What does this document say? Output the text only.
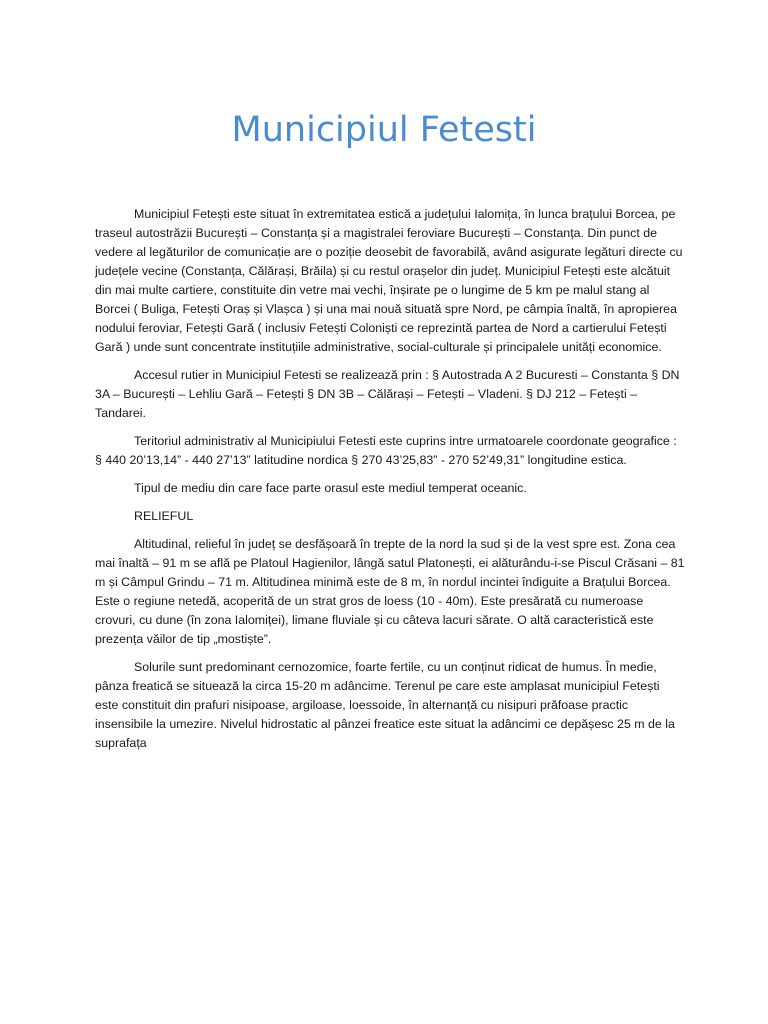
Municipiul Fetesti

Municipiul Fetești este situat în extremitatea estică a județului Ialomița, în lunca brațului Borcea, pe traseul autostrăzii București – Constanța și a magistralei feroviare București – Constanța. Din punct de vedere al legăturilor de comunicație are o poziție deosebit de favorabilă, având asigurate legături directe cu județele vecine (Constanța, Călărași, Brăila) și cu restul orașelor din județ. Municipiul Fetești este alcătuit din mai multe cartiere, constituite din vetre mai vechi, înșirate pe o lungime de 5 km pe malul stang al Borcei ( Buliga, Fetești Oraș și Vlașca ) și una mai nouă situată spre Nord, pe câmpia înaltă, în apropierea nodului feroviar, Fetești Gară ( inclusiv Fetești Coloniști ce reprezintă partea de Nord a cartierului Fetești Gară ) unde sunt concentrate instituțiile administrative, social-culturale și principalele unități economice.

Accesul rutier in Municipiul Fetesti se realizează prin : § Autostrada A 2 Bucuresti – Constanta § DN 3A – București – Lehliu Gară – Fetești § DN 3B – Călărași – Fetești – Vladeni. § DJ 212 – Fetești – Tandarei.

Teritoriul administrativ al Municipiului Fetesti este cuprins intre urmatoarele coordonate geografice : § 440 20’13,14” - 440 27’13” latitudine nordica § 270 43’25,83” - 270 52’49,31” longitudine estica.

Tipul de mediu din care face parte orasul este mediul temperat oceanic.

RELIEFUL

Altitudinal, relieful în județ se desfășoară în trepte de la nord la sud și de la vest spre est. Zona cea mai înaltă – 91 m se află pe Platoul Hagienilor, lângă satul Platonești, ei alăturându-i-se Piscul Crăsani – 81 m și Câmpul Grindu – 71 m. Altitudinea minimă este de 8 m, în nordul incintei îndiguite a Brațului Borcea. Este o regiune netedă, acoperită de un strat gros de loess (10 - 40m). Este presărată cu numeroase crovuri, cu dune (în zona Ialomiței), limane fluviale și cu câteva lacuri sărate. O altă caracteristică este prezența văilor de tip „mostiște”.

Solurile sunt predominant cernozomice, foarte fertile, cu un conținut ridicat de humus. În medie, pânza freatică se situează la circa 15-20 m adâncime. Terenul pe care este amplasat municipiul Fetești este constituit din prafuri nisipoase, argiloase, loessoide, în alternanță cu nisipuri prăfoase practic insensibile la umezire. Nivelul hidrostatic al pânzei freatice este situat la adâncimi ce depășesc 25 m de la suprafața
